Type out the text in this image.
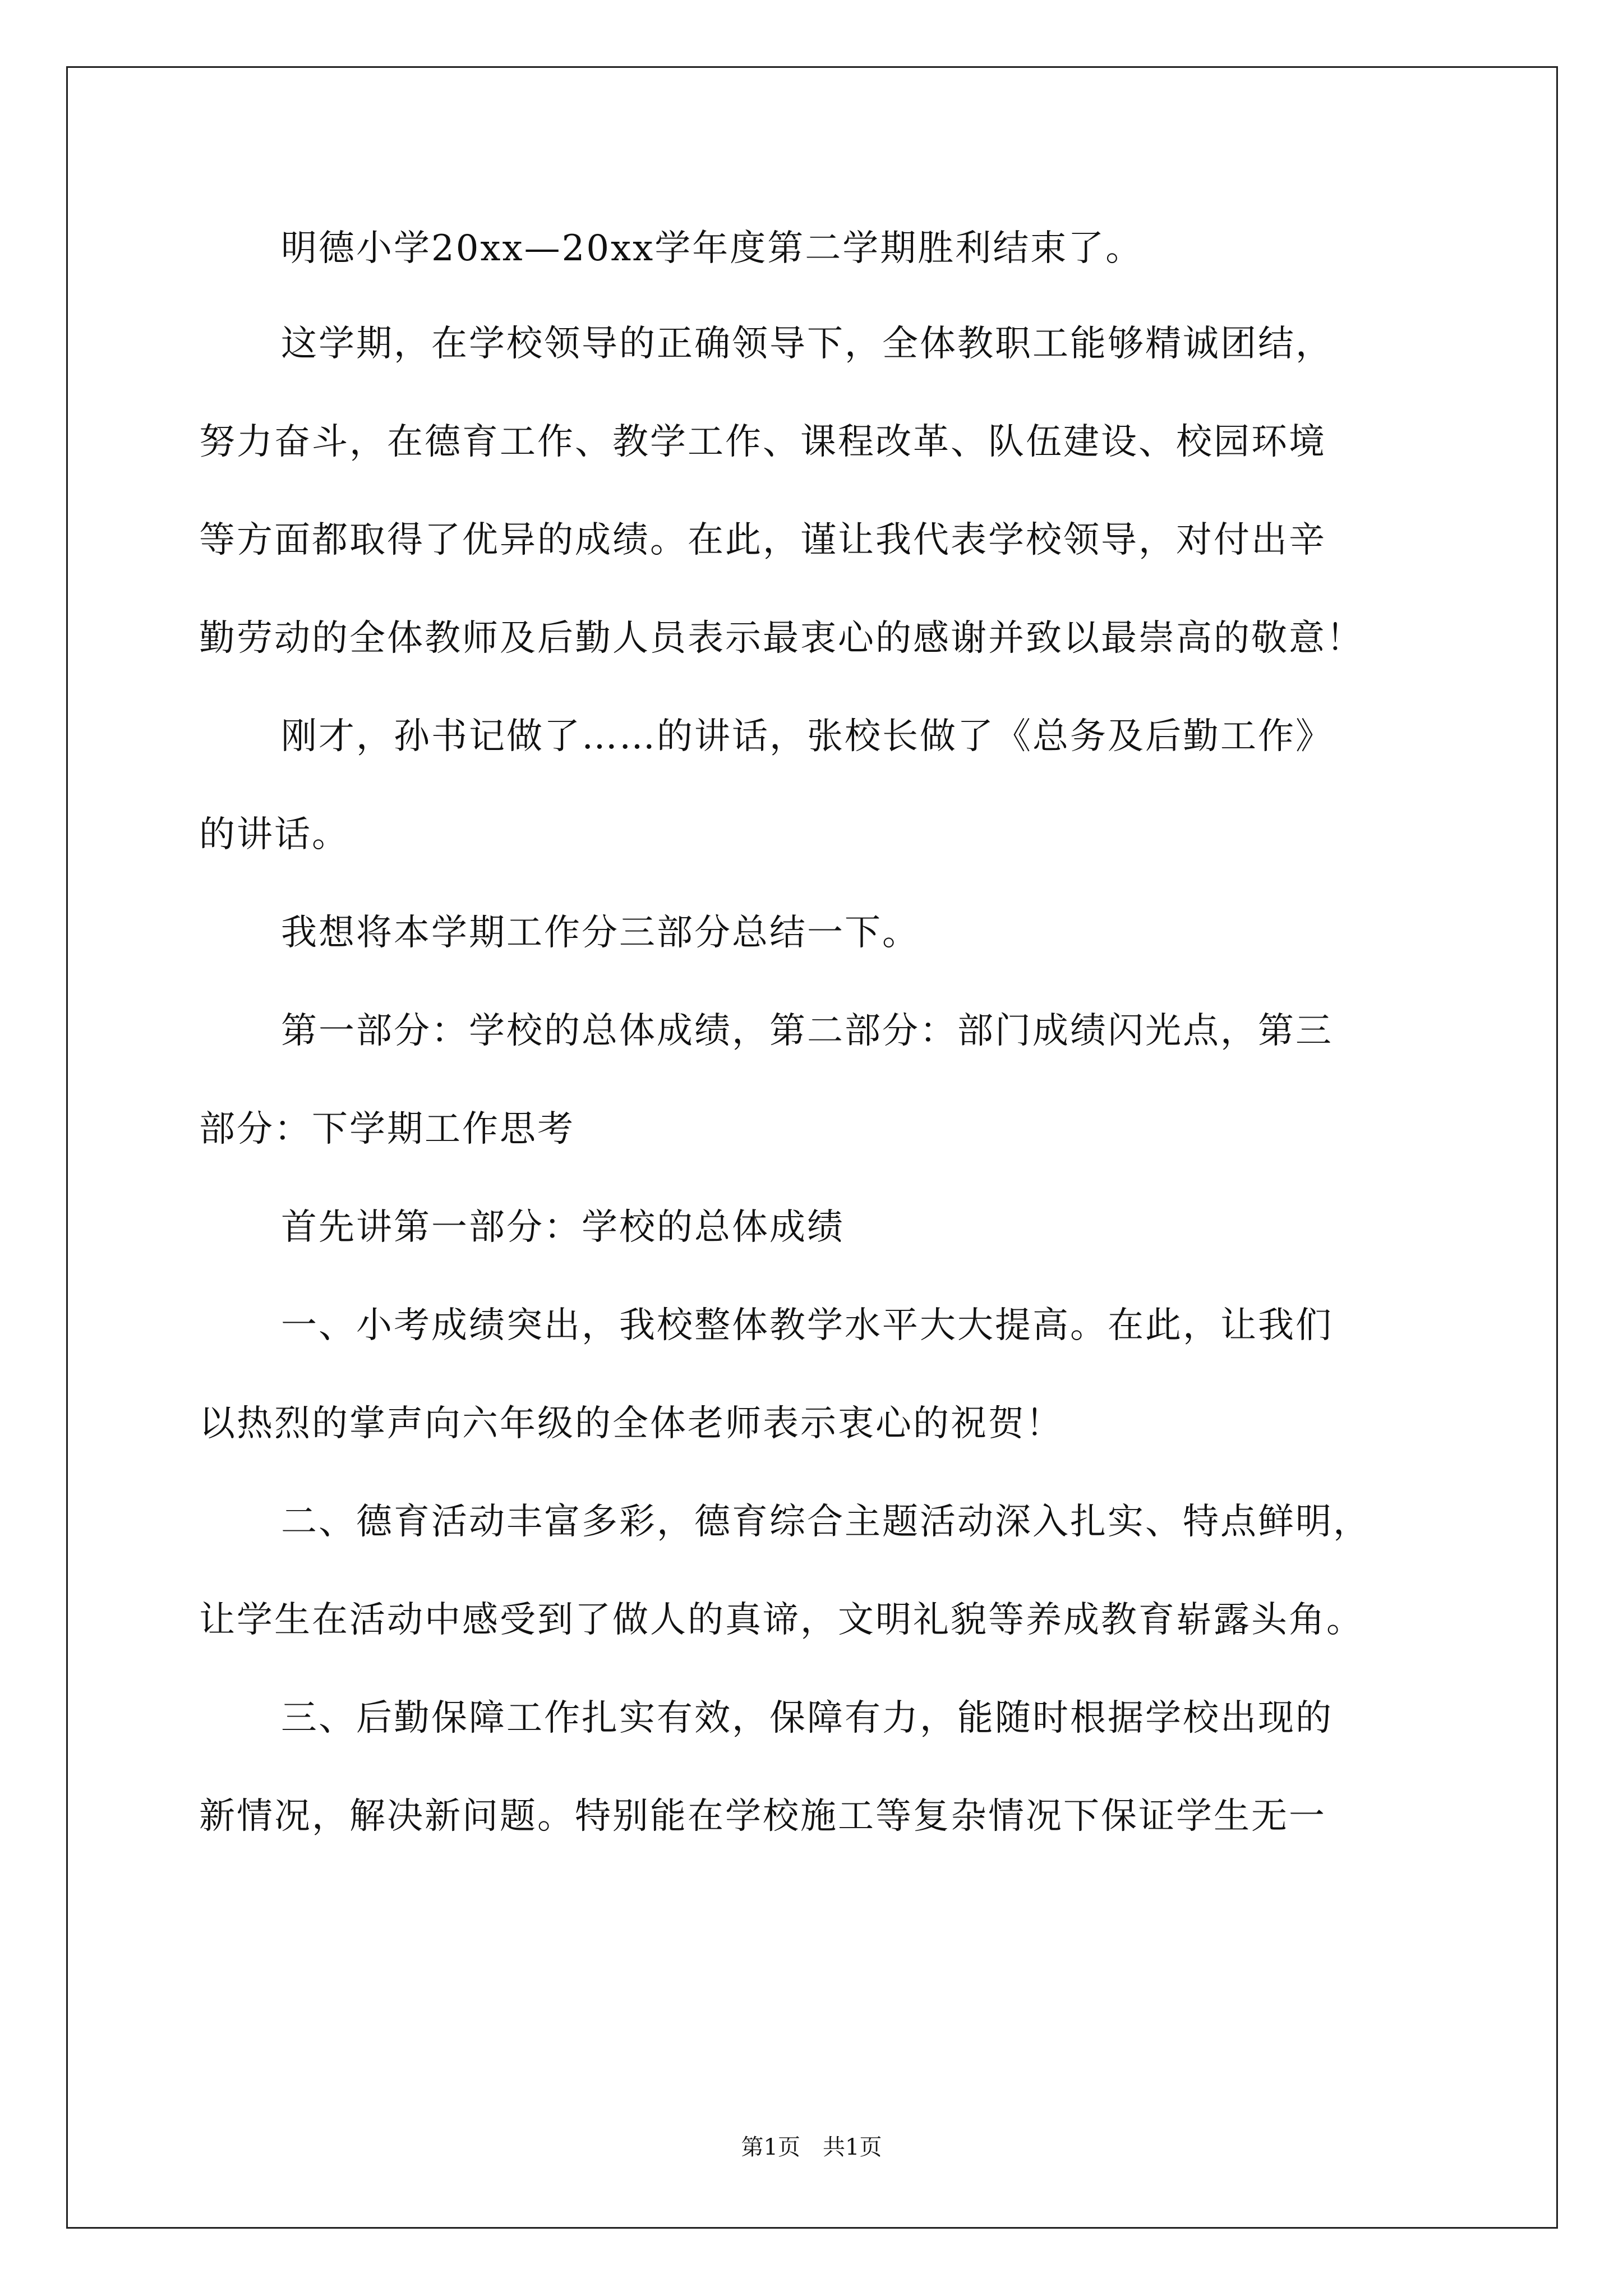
明德小学20xx—20xx学年度第二学期胜利结束了。
这学期，在学校领导的正确领导下，全体教职工能够精诚团结，
努力奋斗，在德育工作、教学工作、课程改革、队伍建设、校园环境
等方面都取得了优异的成绩。在此，谨让我代表学校领导，对付出辛
勤劳动的全体教师及后勤人员表示最衷心的感谢并致以最崇高的敬意！
刚才，孙书记做了……的讲话，张校长做了《总务及后勤工作》
的讲话。
我想将本学期工作分三部分总结一下。
第一部分：学校的总体成绩，第二部分：部门成绩闪光点，第三
部分：下学期工作思考
首先讲第一部分：学校的总体成绩
一、小考成绩突出，我校整体教学水平大大提高。在此，让我们
以热烈的掌声向六年级的全体老师表示衷心的祝贺！
二、德育活动丰富多彩，德育综合主题活动深入扎实、特点鲜明，
让学生在活动中感受到了做人的真谛，文明礼貌等养成教育崭露头角。
三、后勤保障工作扎实有效，保障有力，能随时根据学校出现的
新情况，解决新问题。特别能在学校施工等复杂情况下保证学生无一
第1页　共1页
